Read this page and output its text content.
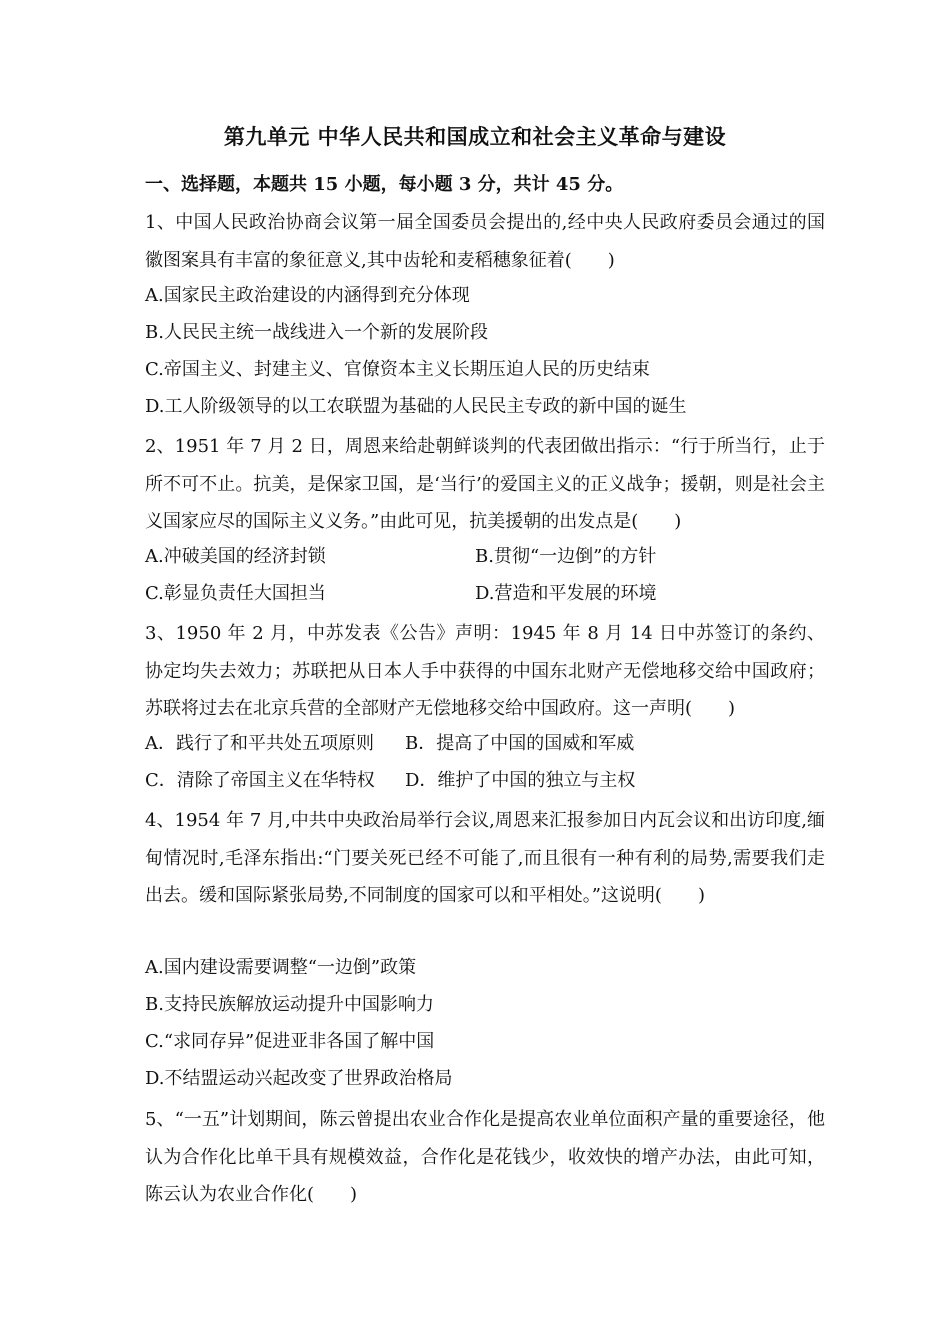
第九单元 中华人民共和国成立和社会主义革命与建设
一、选择题，本题共 15 小题，每小题 3 分，共计 45 分。
1、中国人民政治协商会议第一届全国委员会提出的,经中央人民政府委员会通过的国徽图案具有丰富的象征意义,其中齿轮和麦稻穗象征着(　　)
A.国家民主政治建设的内涵得到充分体现
B.人民民主统一战线进入一个新的发展阶段
C.帝国主义、封建主义、官僚资本主义长期压迫人民的历史结束
D.工人阶级领导的以工农联盟为基础的人民民主专政的新中国的诞生
2、1951 年 7 月 2 日，周恩来给赴朝鲜谈判的代表团做出指示：“行于所当行，止于所不可不止。抗美，是保家卫国，是‘当行’的爱国主义的正义战争；援朝，则是社会主义国家应尽的国际主义义务。”由此可见，抗美援朝的出发点是(　　)
A.冲破美国的经济封锁	B.贯彻“一边倒”的方针
C.彰显负责任大国担当	D.营造和平发展的环境
3、1950 年 2 月，中苏发表《公告》声明：1945 年 8 月 14 日中苏签订的条约、协定均失去效力；苏联把从日本人手中获得的中国东北财产无偿地移交给中国政府；苏联将过去在北京兵营的全部财产无偿地移交给中国政府。这一声明(　　)
A．践行了和平共处五项原则 B．提高了中国的国威和军威
C．清除了帝国主义在华特权 D．维护了中国的独立与主权
4、1954 年 7 月,中共中央政治局举行会议,周恩来汇报参加日内瓦会议和出访印度,缅甸情况时,毛泽东指出:“门要关死已经不可能了,而且很有一种有利的局势,需要我们走出去。缓和国际紧张局势,不同制度的国家可以和平相处。”这说明(　　)
A.国内建设需要调整“一边倒”政策
B.支持民族解放运动提升中国影响力
C.“求同存异”促进亚非各国了解中国
D.不结盟运动兴起改变了世界政治格局
5、“一五”计划期间，陈云曾提出农业合作化是提高农业单位面积产量的重要途径，他认为合作化比单干具有规模效益，合作化是花钱少，收效快的增产办法，由此可知，陈云认为农业合作化(　　)
